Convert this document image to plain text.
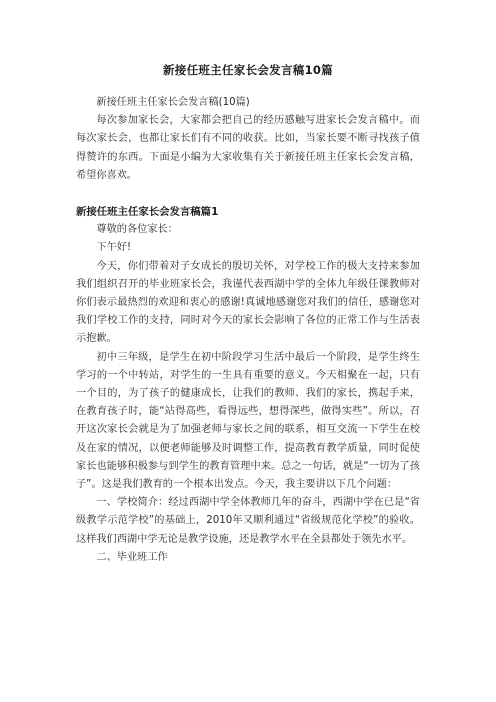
新接任班主任家长会发言稿10篇

新接任班主任家长会发言稿(10篇)

每次参加家长会，大家都会把自己的经历感触写进家长会发言稿中。而每次家长会，也都让家长们有不同的收获。比如，当家长要不断寻找孩子值得赞许的东西。下面是小编为大家收集有关于新接任班主任家长会发言稿，希望你喜欢。

新接任班主任家长会发言稿篇1

尊敬的各位家长：

下午好!

今天，你们带着对子女成长的殷切关怀，对学校工作的极大支持来参加我们组织召开的毕业班家长会，我谨代表西湖中学的全体九年级任课教师对你们表示最热烈的欢迎和衷心的感谢!真诚地感谢您对我们的信任，感谢您对我们学校工作的支持，同时对今天的家长会影响了各位的正常工作与生活表示抱歉。

初中三年级，是学生在初中阶段学习生活中最后一个阶段，是学生终生学习的一个中转站，对学生的一生具有重要的意义。今天相聚在一起，只有一个目的，为了孩子的健康成长，让我们的教师、我们的家长，携起手来，在教育孩子时，能“站得高些，看得远些，想得深些，做得实些”。所以，召开这次家长会就是为了加强老师与家长之间的联系，相互交流一下学生在校及在家的情况，以便老师能够及时调整工作，提高教育教学质量，同时促使家长也能够积极参与到学生的教育管理中来。总之一句话，就是“一切为了孩子”。这是我们教育的一个根本出发点。今天，我主要讲以下几个问题：

一、学校简介：经过西湖中学全体教师几年的奋斗，西湖中学在已是“省级教学示范学校”的基础上，2010年又顺利通过“省级规范化学校”的验收。这样我们西湖中学无论是教学设施，还是教学水平在全县都处于领先水平。

二、毕业班工作
